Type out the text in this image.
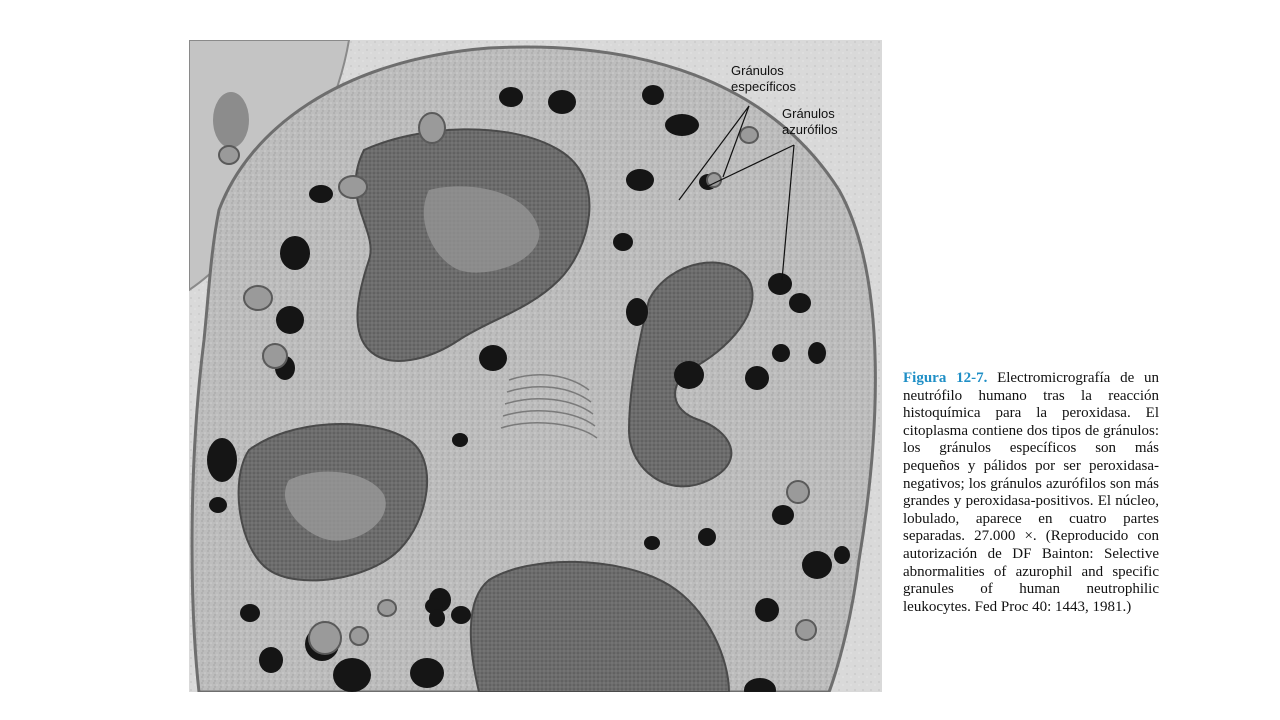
Gránulos
específicos
Gránulos
azurófilos
Figura 12-7. Electromicrografía de un neutrófilo humano tras la reacción histoquímica para la peroxidasa. El citoplasma contiene dos tipos de gránulos: los gránulos específicos son más pequeños y pálidos por ser peroxidasa-negativos; los gránulos azurófilos son más grandes y peroxidasa-positivos. El núcleo, lobulado, aparece en cuatro partes separadas. 27.000 ×. (Reproducido con autorización de DF Bainton: Selective abnormalities of azurophil and specific granules of human neutrophilic leukocytes. Fed Proc 40: 1443, 1981.)
